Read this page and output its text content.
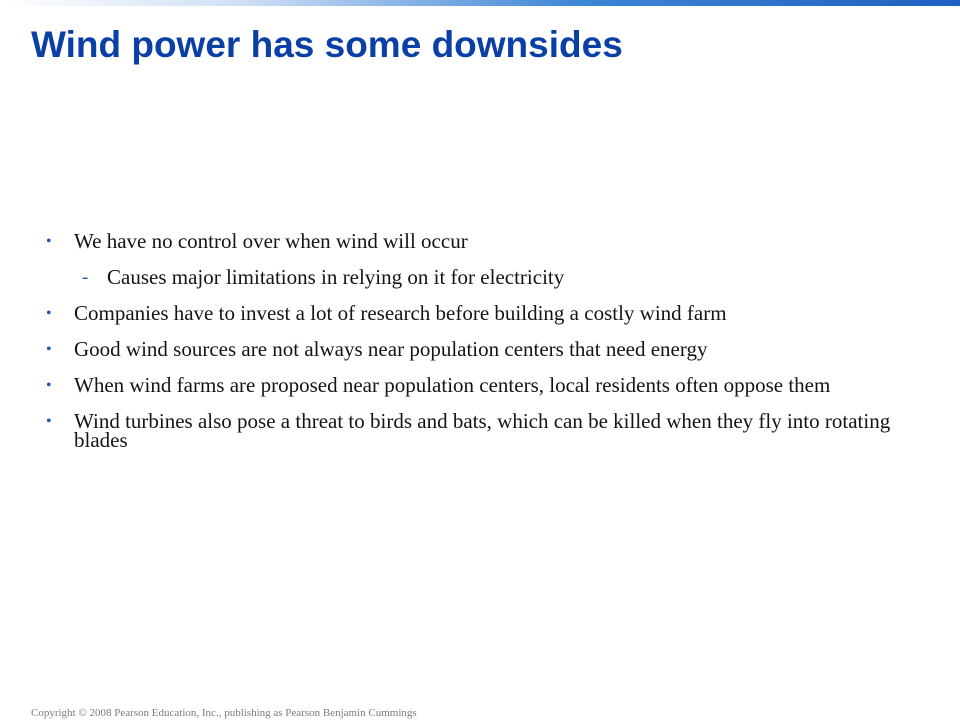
Wind power has some downsides
• We have no control over when wind will occur
- Causes major limitations in relying on it for electricity
• Companies have to invest a lot of research before building a costly wind farm
• Good wind sources are not always near population centers that need energy
• When wind farms are proposed near population centers, local residents often oppose them
• Wind turbines also pose a threat to birds and bats, which can be killed when they fly into rotating blades
Copyright © 2008 Pearson Education, Inc., publishing as Pearson Benjamin Cummings
